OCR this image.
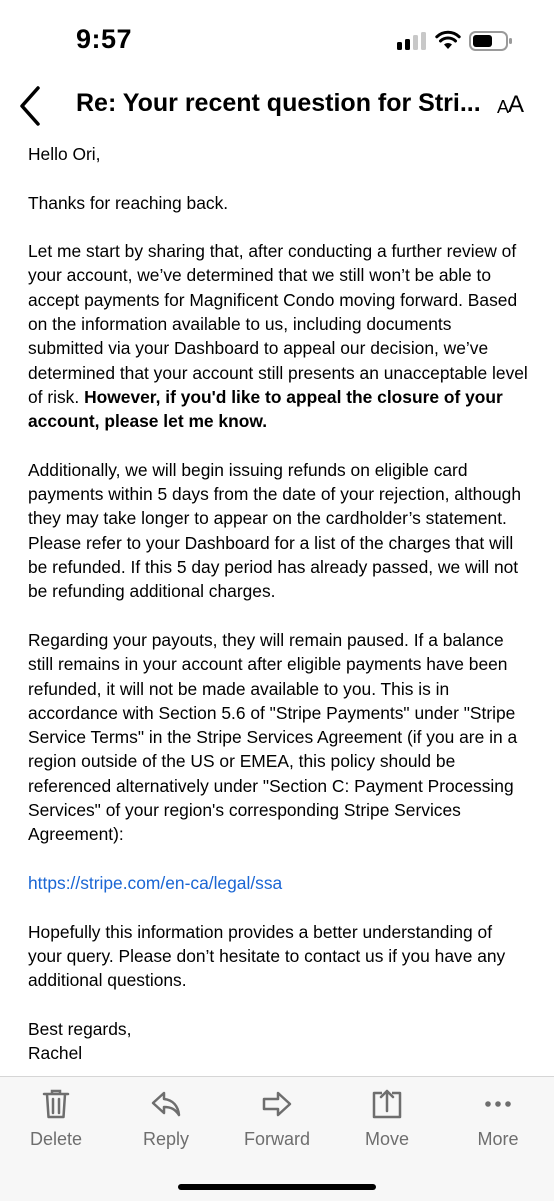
9:57
Re: Your recent question for Stri... A
A

Hello Ori,

Thanks for reaching back.

Let me start by sharing that, after conducting a further review of your account, we’ve determined that we still won’t be able to accept payments for Magnificent Condo moving forward. Based on the information available to us, including documents submitted via your Dashboard to appeal our decision, we’ve determined that your account still presents an unacceptable level of risk. However, if you'd like to appeal the closure of your account, please let me know.

Additionally, we will begin issuing refunds on eligible card payments within 5 days from the date of your rejection, although they may take longer to appear on the cardholder’s statement. Please refer to your Dashboard for a list of the charges that will be refunded. If this 5 day period has already passed, we will not be refunding additional charges.

Regarding your payouts, they will remain paused. If a balance still remains in your account after eligible payments have been refunded, it will not be made available to you. This is in accordance with Section 5.6 of "Stripe Payments" under "Stripe Service Terms" in the Stripe Services Agreement (if you are in a region outside of the US or EMEA, this policy should be referenced alternatively under "Section C: Payment Processing Services" of your region's corresponding Stripe Services Agreement):

https://stripe.com/en-ca/legal/ssa

Hopefully this information provides a better understanding of your query. Please don’t hesitate to contact us if you have any additional questions.

Best regards,

Rachel

Delete	Reply	Forward	Move	More
